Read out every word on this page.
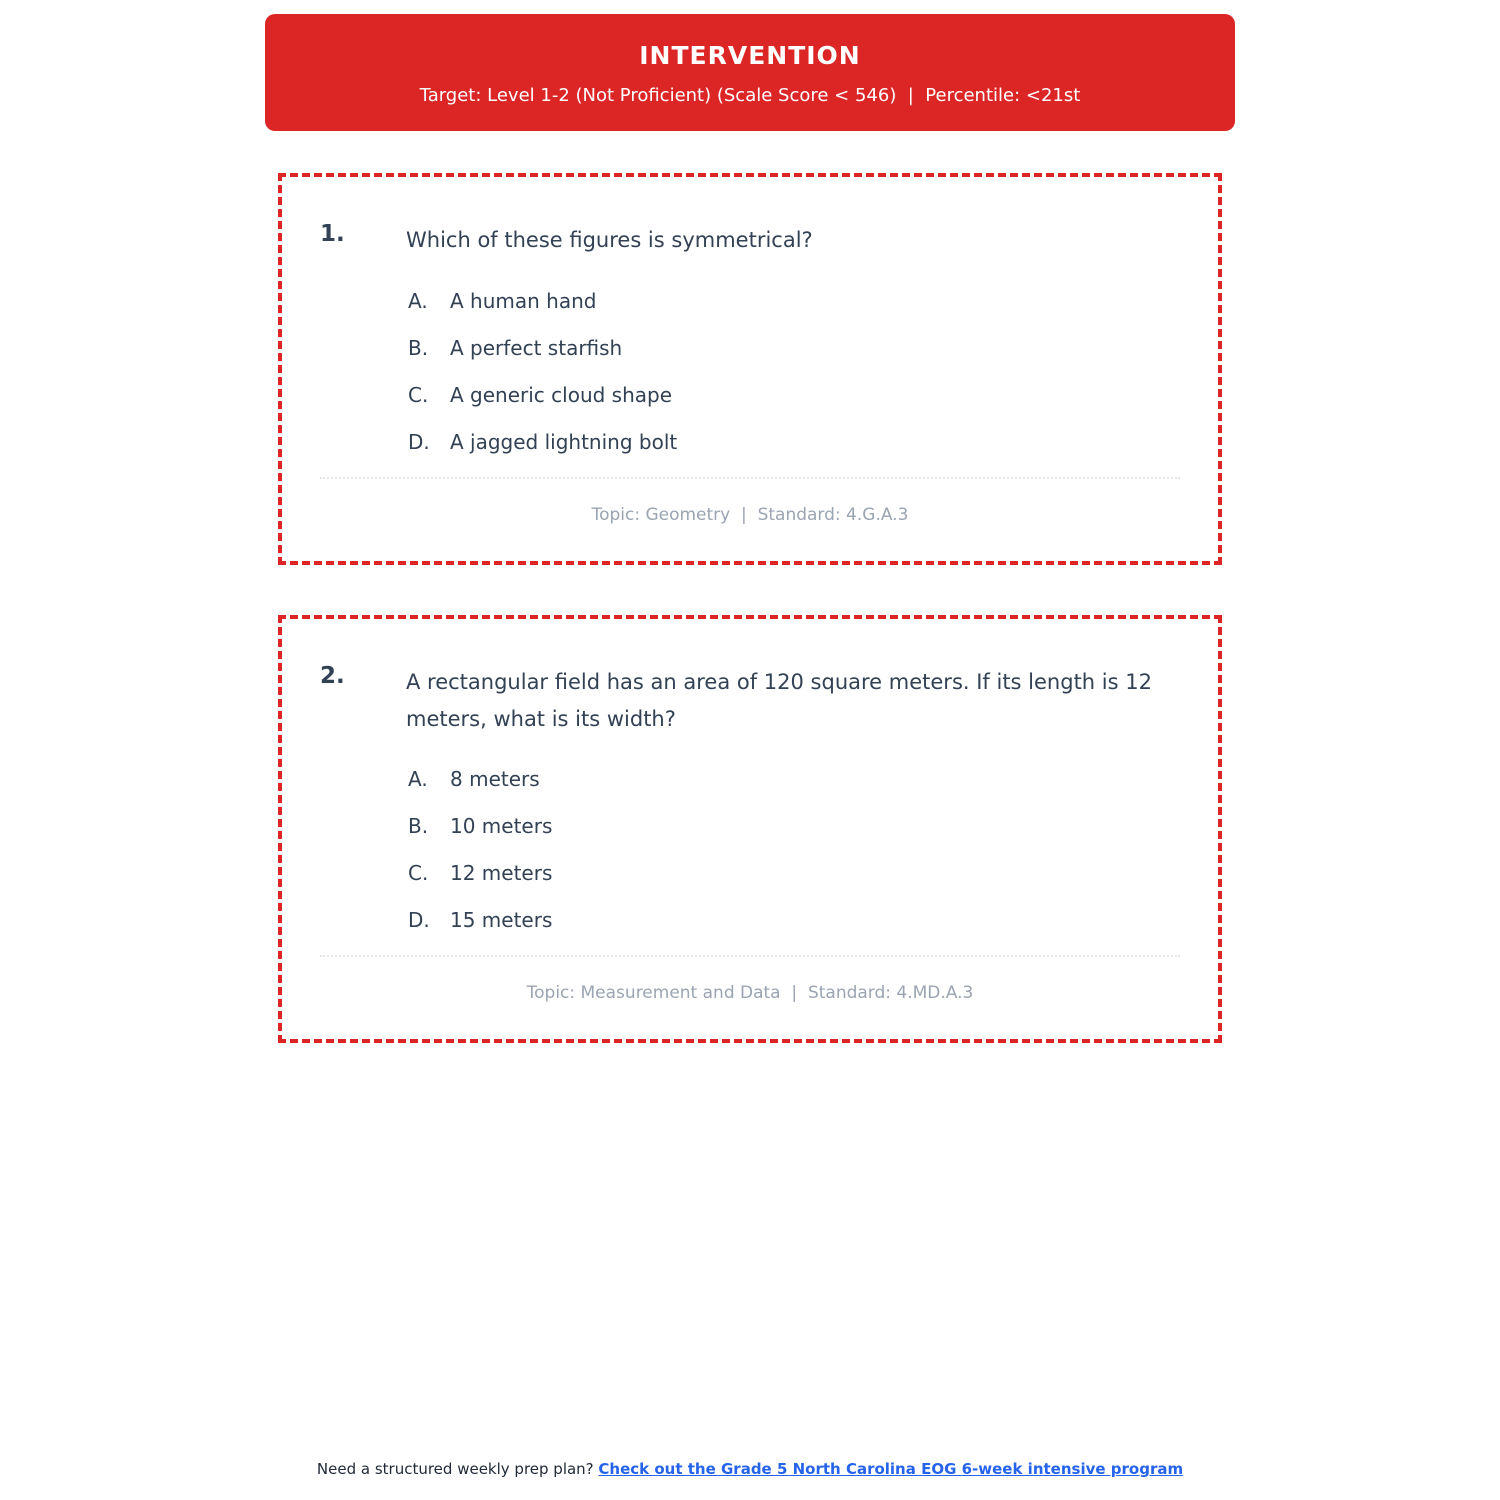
INTERVENTION
Target: Level 1-2 (Not Proficient) (Scale Score < 546)  |  Percentile: <21st
1.	Which of these figures is symmetrical?
A.	A human hand
B.	A perfect starfish
C.	A generic cloud shape
D.	A jagged lightning bolt
Topic: Geometry  |  Standard: 4.G.A.3
2.	A rectangular field has an area of 120 square meters. If its length is 12 meters, what is its width?
A.	8 meters
B.	10 meters
C.	12 meters
D.	15 meters
Topic: Measurement and Data  |  Standard: 4.MD.A.3
Need a structured weekly prep plan? Check out the Grade 5 North Carolina EOG 6-week intensive program
